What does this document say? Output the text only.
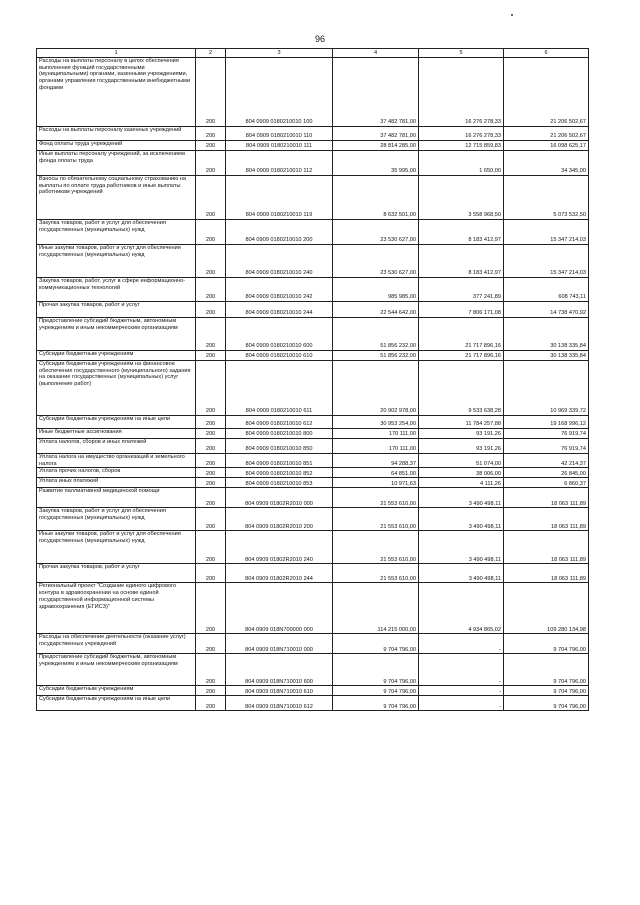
96
1	2	3	4	5	6
Расходы на выплаты персоналу в целях обеспечения выполнения функций государственными (муниципальными) органами, казенными учреждениями, органами управления государственными внебюджетными фондами	200	804 0909 0180210010 100	37 482 781,00	16 276 278,33	21 206 502,67
Расходы на выплаты персоналу казенных учреждений	200	804 0909 0180210010 110	37 482 781,00	16 276 278,33	21 206 502,67
Фонд оплаты труда учреждений	200	804 0909 0180210010 111	28 814 285,00	12 715 859,83	16 098 625,17
Иные выплаты персоналу учреждений, за исключением фонда оплаты труда	200	804 0909 0180210010 112	35 995,00	1 650,00	34 345,00
Взносы по обязательному социальному страхованию на выплаты по оплате труда работников и иные выплаты работникам учреждений	200	804 0909 0180210010 119	8 632 501,00	3 558 968,50	5 073 532,50
Закупка товаров, работ и услуг для обеспечения государственных (муниципальных) нужд	200	804 0909 0180210010 200	23 530 627,00	8 183 412,97	15 347 214,03
Иные закупки товаров, работ и услуг для обеспечения государственных (муниципальных) нужд	200	804 0909 0180210010 240	23 530 627,00	8 183 412,97	15 347 214,03
Закупка товаров, работ, услуг в сфере информационно-коммуникационных технологий	200	804 0909 0180210010 242	985 985,00	377 241,89	608 743,11
Прочая закупка товаров, работ и услуг	200	804 0909 0180210010 244	22 544 642,00	7 806 171,08	14 738 470,92
Предоставление субсидий бюджетным, автономным учреждениям и иным некоммерческим организациям	200	804 0909 0180210010 600	51 856 232,00	21 717 896,16	30 138 335,84
Субсидии бюджетным учреждениям	200	804 0909 0180210010 610	51 856 232,00	21 717 896,16	30 138 335,84
Субсидии бюджетным учреждениям на финансовое обеспечение государственного (муниципального) задания на оказание государственных (муниципальных) услуг (выполнение работ)	200	804 0909 0180210010 611	20 902 978,00	9 533 638,28	10 969 339,72
Субсидии бюджетным учреждениям на иные цели	200	804 0909 0180210010 612	30 953 254,00	11 784 257,88	19 168 996,12
Иные бюджетные ассигнования	200	804 0909 0180210010 800	170 111,00	93 191,26	76 919,74
Уплата налогов, сборов и иных платежей	200	804 0909 0180210010 850	170 111,00	93 191,26	76 919,74
Уплата налога на имущество организаций и земельного налога	200	804 0909 0180210010 851	94 288,37	51 074,00	42 214,37
Уплата прочих налогов, сборов	200	804 0909 0180210010 852	64 851,00	38 006,00	26 845,00
Уплата иных платежей	200	804 0909 0180210010 853	10 971,63	4 111,26	6 860,37
Развитие паллиативной медицинской помощи	200	804 0909 01802R2010 000	21 553 610,00	3 490 498,11	18 063 111,89
Закупка товаров, работ и услуг для обеспечения государственных (муниципальных) нужд	200	804 0909 01802R2010 200	21 553 610,00	3 490 498,11	18 063 111,89
Иные закупки товаров, работ и услуг для обеспечения государственных (муниципальных) нужд	200	804 0909 01802R2010 240	21 553 610,00	3 490 498,11	18 063 111,89
Прочая закупка товаров, работ и услуг	200	804 0909 01802R2010 244	21 553 610,00	3 490 498,11	18 063 111,89
Региональный проект "Создание единого цифрового контура в здравоохранении на основе единой государственной информационной системы здравоохранения (ЕГИСЗ)"	200	804 0909 018N700000 000	114 215 000,00	4 934 865,02	109 280 134,98
Расходы на обеспечение деятельности (оказание услуг) государственных учреждений	200	804 0909 018N710010 000	9 704 796,00	-	9 704 796,00
Предоставление субсидий бюджетным, автономным учреждениям и иным некоммерческим организациям	200	804 0909 018N710010 600	9 704 796,00	-	9 704 796,00
Субсидии бюджетным учреждениям	200	804 0909 018N710010 610	9 704 796,00	-	9 704 796,00
Субсидии бюджетным учреждениям на иные цели	200	804 0909 018N710010 612	9 704 796,00	-	9 704 796,00
